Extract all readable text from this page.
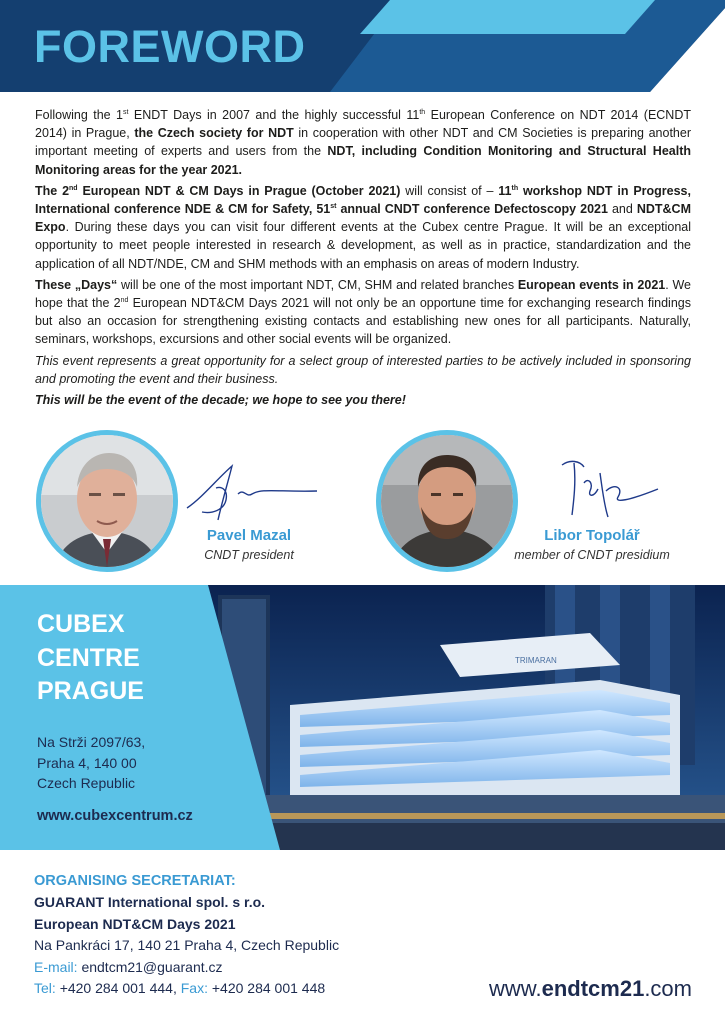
FOREWORD

Following the 1st ENDT Days in 2007 and the highly successful 11th European Conference on NDT 2014 (ECNDT 2014) in Prague, the Czech society for NDT in cooperation with other NDT and CM Societies is preparing another important meeting of experts and users from the NDT, including Condition Monitoring and Structural Health Monitoring areas for the year 2021.

The 2nd European NDT & CM Days in Prague (October 2021) will consist of – 11th workshop NDT in Progress, International conference NDE & CM for Safety, 51st annual CNDT conference Defectoscopy 2021 and NDT&CM Expo. During these days you can visit four different events at the Cubex centre Prague. It will be an exceptional opportunity to meet people interested in research & development, as well as in practice, standardization and the application of all NDT/NDE, CM and SHM methods with an emphasis on areas of modern Industry.

These „Days“ will be one of the most important NDT, CM, SHM and related branches European events in 2021. We hope that the 2nd European NDT&CM Days 2021 will not only be an opportune time for exchanging research findings but also an occasion for strengthening existing contacts and establishing new ones for all participants. Naturally, seminars, workshops, excursions and other social events will be organized.

This event represents a great opportunity for a select group of interested parties to be actively included in sponsoring and promoting the event and their business.

This will be the event of the decade; we hope to see you there!

Pavel Mazal
CNDT president
Libor Topolář
member of CNDT presidium
TRIMARAN
CUBEX
CENTRE
PRAGUE
Na Strži 2097/63,
Praha 4, 140 00
Czech Republic
www.cubexcentrum.cz
ORGANISING SECRETARIAT:
GUARANT International spol. s r.o.
European NDT&CM Days 2021
Na Pankráci 17, 140 21 Praha 4, Czech Republic
E-mail: endtcm21@guarant.cz
Tel: +420 284 001 444, Fax: +420 284 001 448	www.endtcm21.com
